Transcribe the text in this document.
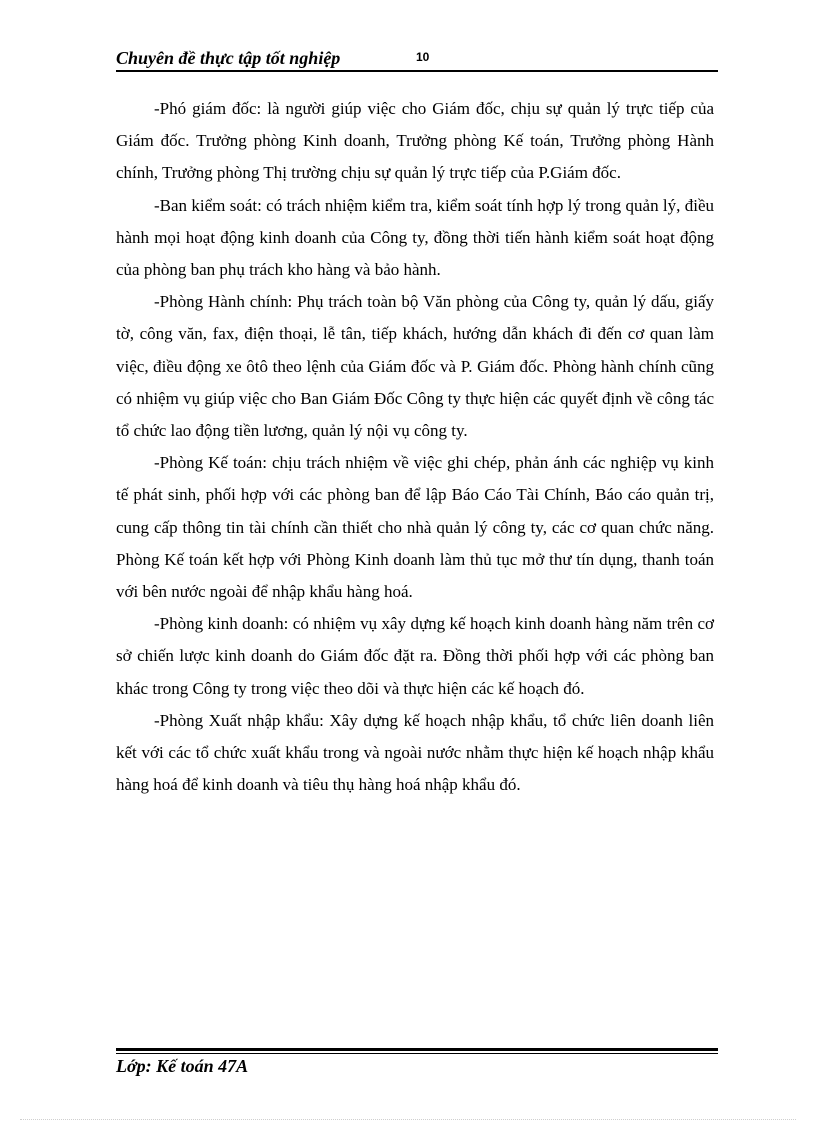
Chuyên đề thực tập tốt nghiệp	10

-Phó giám đốc: là người giúp việc cho Giám đốc, chịu sự quản lý trực tiếp của Giám đốc. Trưởng phòng Kinh doanh, Trưởng phòng Kế toán, Trưởng phòng Hành chính, Trưởng phòng Thị trường chịu sự quản lý trực tiếp của P.Giám đốc.

-Ban kiểm soát: có trách nhiệm kiểm tra, kiểm soát tính hợp lý trong quản lý, điều hành mọi hoạt động kinh doanh của Công ty, đồng thời tiến hành kiểm soát hoạt động của phòng ban phụ trách kho hàng và bảo hành.

-Phòng Hành chính: Phụ trách toàn bộ Văn phòng của Công ty, quản lý dấu, giấy tờ, công văn, fax, điện thoại, lễ tân, tiếp khách, hướng dẫn khách đi đến cơ quan làm việc, điều động xe ôtô theo lệnh của Giám đốc và P. Giám đốc. Phòng hành chính cũng có nhiệm vụ giúp việc cho Ban Giám Đốc Công ty thực hiện các quyết định về công tác tổ chức lao động tiền lương, quản lý nội vụ công ty.

-Phòng Kế toán: chịu trách nhiệm về việc ghi chép, phản ánh các nghiệp vụ kinh tế phát sinh, phối hợp với các phòng ban để lập Báo Cáo Tài Chính, Báo cáo quản trị, cung cấp thông tin tài chính cần thiết cho nhà quản lý công ty, các cơ quan chức năng. Phòng Kế toán kết hợp với Phòng Kinh doanh làm thủ tục mở thư tín dụng, thanh toán với bên nước ngoài để nhập khẩu hàng hoá.

-Phòng kinh doanh: có nhiệm vụ xây dựng kế hoạch kinh doanh hàng năm trên cơ sở chiến lược kinh doanh do Giám đốc đặt ra. Đồng thời phối hợp với các phòng ban khác trong Công ty trong việc theo dõi và thực hiện các kế hoạch đó.

-Phòng Xuất nhập khẩu: Xây dựng kế hoạch nhập khẩu, tổ chức liên doanh liên kết với các tổ chức xuất khẩu trong và ngoài nước nhằm thực hiện kế hoạch nhập khẩu hàng hoá để kinh doanh và tiêu thụ hàng hoá nhập khẩu đó.

Lớp: Kế toán 47A
